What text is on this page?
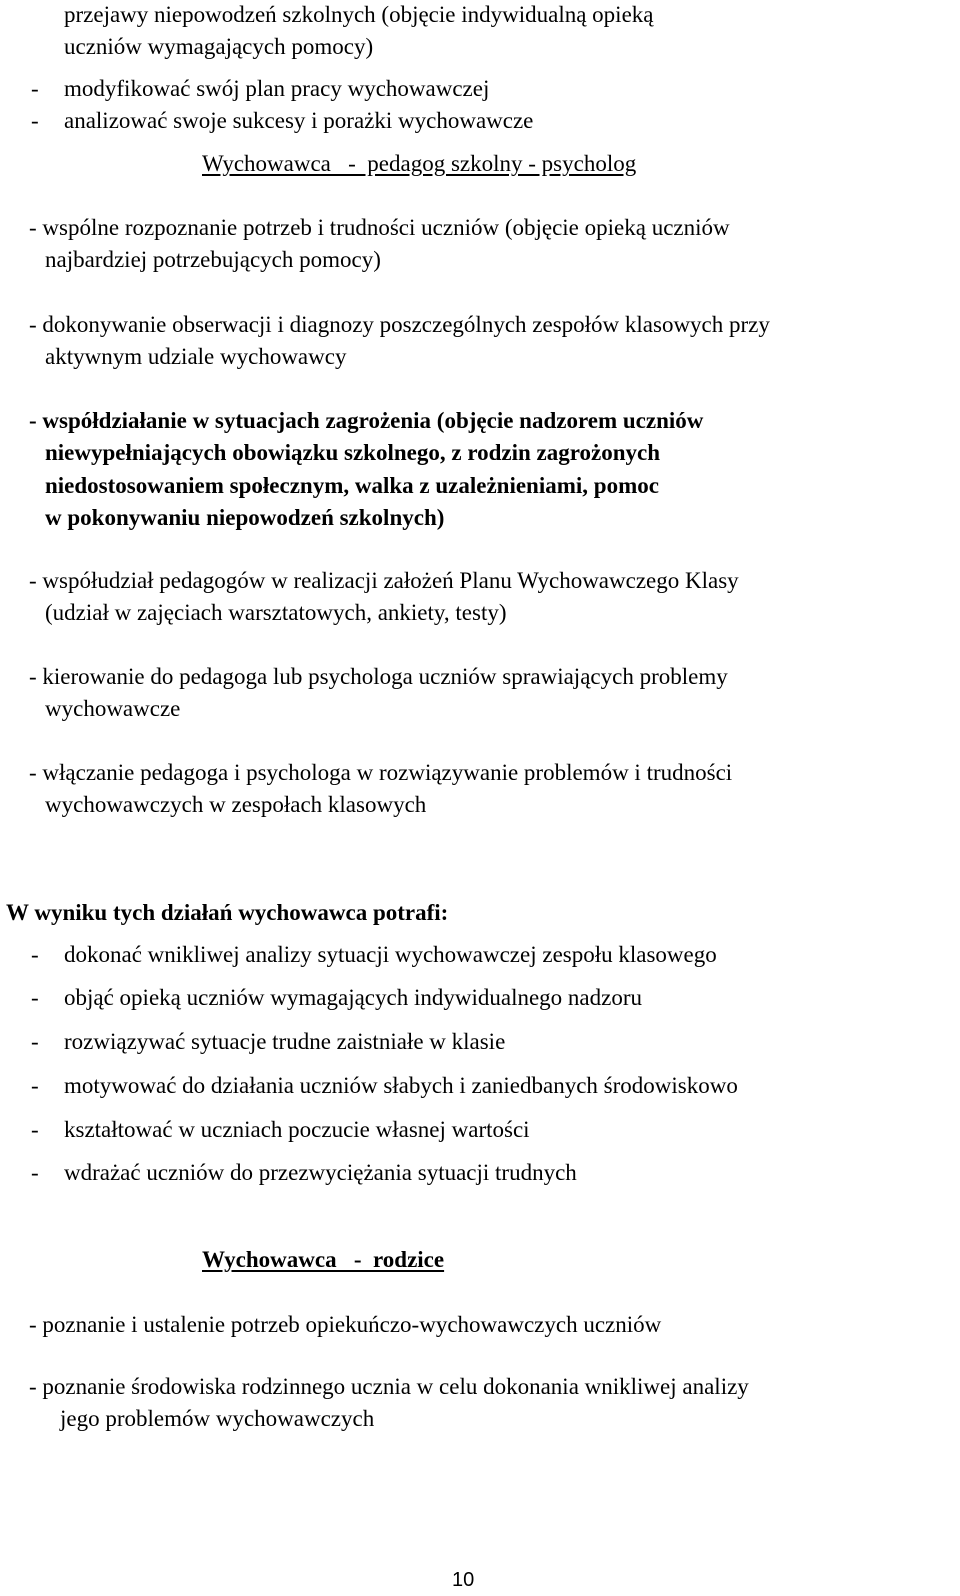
przejawy niepowodzeń szkolnych (objęcie indywidualną opieką

uczniów wymagających pomocy)

- modyfikować swój plan pracy wychowawczej

- analizować swoje sukcesy i porażki wychowawcze

Wychowawca   -  pedagog szkolny - psycholog

- wspólne rozpoznanie potrzeb i trudności uczniów (objęcie opieką uczniów

najbardziej potrzebujących pomocy)

- dokonywanie obserwacji i diagnozy poszczególnych zespołów klasowych przy

aktywnym udziale wychowawcy

- współdziałanie w sytuacjach zagrożenia (objęcie nadzorem uczniów

niewypełniających obowiązku szkolnego, z rodzin zagrożonych

niedostosowaniem społecznym, walka z uzależnieniami, pomoc

w pokonywaniu niepowodzeń szkolnych)

- współudział pedagogów w realizacji założeń Planu Wychowawczego Klasy

(udział w zajęciach warsztatowych, ankiety, testy)

- kierowanie do pedagoga lub psychologa uczniów sprawiających problemy

wychowawcze

- włączanie pedagoga i psychologa w rozwiązywanie problemów i trudności

wychowawczych w zespołach klasowych

W wyniku tych działań wychowawca potrafi:

- dokonać wnikliwej analizy sytuacji wychowawczej zespołu klasowego

- objąć opieką uczniów wymagających indywidualnego nadzoru

- rozwiązywać sytuacje trudne zaistniałe w klasie

- motywować do działania uczniów słabych i zaniedbanych środowiskowo

- kształtować w uczniach poczucie własnej wartości

- wdrażać uczniów do przezwyciężania sytuacji trudnych

Wychowawca   -  rodzice

- poznanie i ustalenie potrzeb opiekuńczo-wychowawczych uczniów

- poznanie środowiska rodzinnego ucznia w celu dokonania wnikliwej analizy

jego problemów wychowawczych

10
